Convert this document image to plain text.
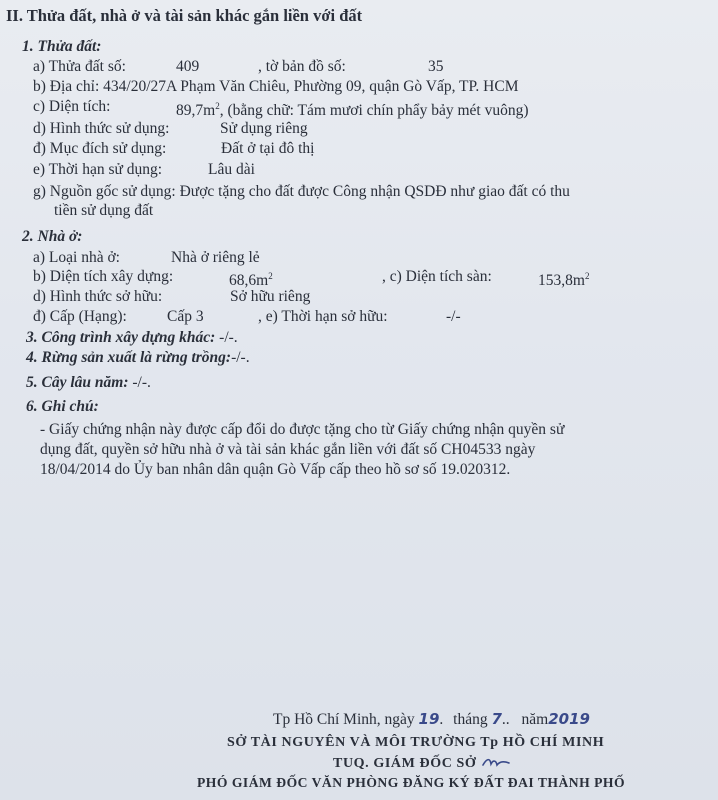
II. Thửa đất, nhà ở và tài sản khác gắn liền với đất
1. Thửa đất:
a) Thửa đất số:	409	, tờ bản đồ số:	35
b) Địa chỉ: 434/20/27A Phạm Văn Chiêu, Phường 09, quận Gò Vấp, TP. HCM
c) Diện tích:	$89,7m^2$, (bằng chữ: Tám mươi chín phẩy bảy mét vuông)
d) Hình thức sử dụng:	Sử dụng riêng
đ) Mục đích sử dụng:	Đất ở tại đô thị
e) Thời hạn sử dụng:	Lâu dài
g) Nguồn gốc sử dụng: Được tặng cho đất được Công nhận QSDĐ như giao đất có thu
tiền sử dụng đất
2. Nhà ở:
a) Loại nhà ở:	Nhà ở riêng lẻ
b) Diện tích xây dựng:	$68,6m^2$	, c) Diện tích sàn:	$153,8m^2$
d) Hình thức sở hữu:	Sở hữu riêng
đ) Cấp (Hạng):	Cấp 3	, e) Thời hạn sở hữu:	-/-
3. Công trình xây dựng khác: -/-.
4. Rừng sản xuất là rừng trồng:-/-.
5. Cây lâu năm: -/-.
6. Ghi chú:
- Giấy chứng nhận này được cấp đổi do được tặng cho từ Giấy chứng nhận quyền sử
dụng đất, quyền sở hữu nhà ở và tài sản khác gắn liền với đất số CH04533 ngày
18/04/2014 do Ủy ban nhân dân quận Gò Vấp cấp theo hồ sơ số 19.020312.
Tp Hồ Chí Minh, ngày 19. tháng 7.. năm2019
SỞ TÀI NGUYÊN VÀ MÔI TRƯỜNG Tp HỒ CHÍ MINH
TUQ. GIÁM ĐỐC SỞ
PHÓ GIÁM ĐỐC VĂN PHÒNG ĐĂNG KÝ ĐẤT ĐAI THÀNH PHỐ
